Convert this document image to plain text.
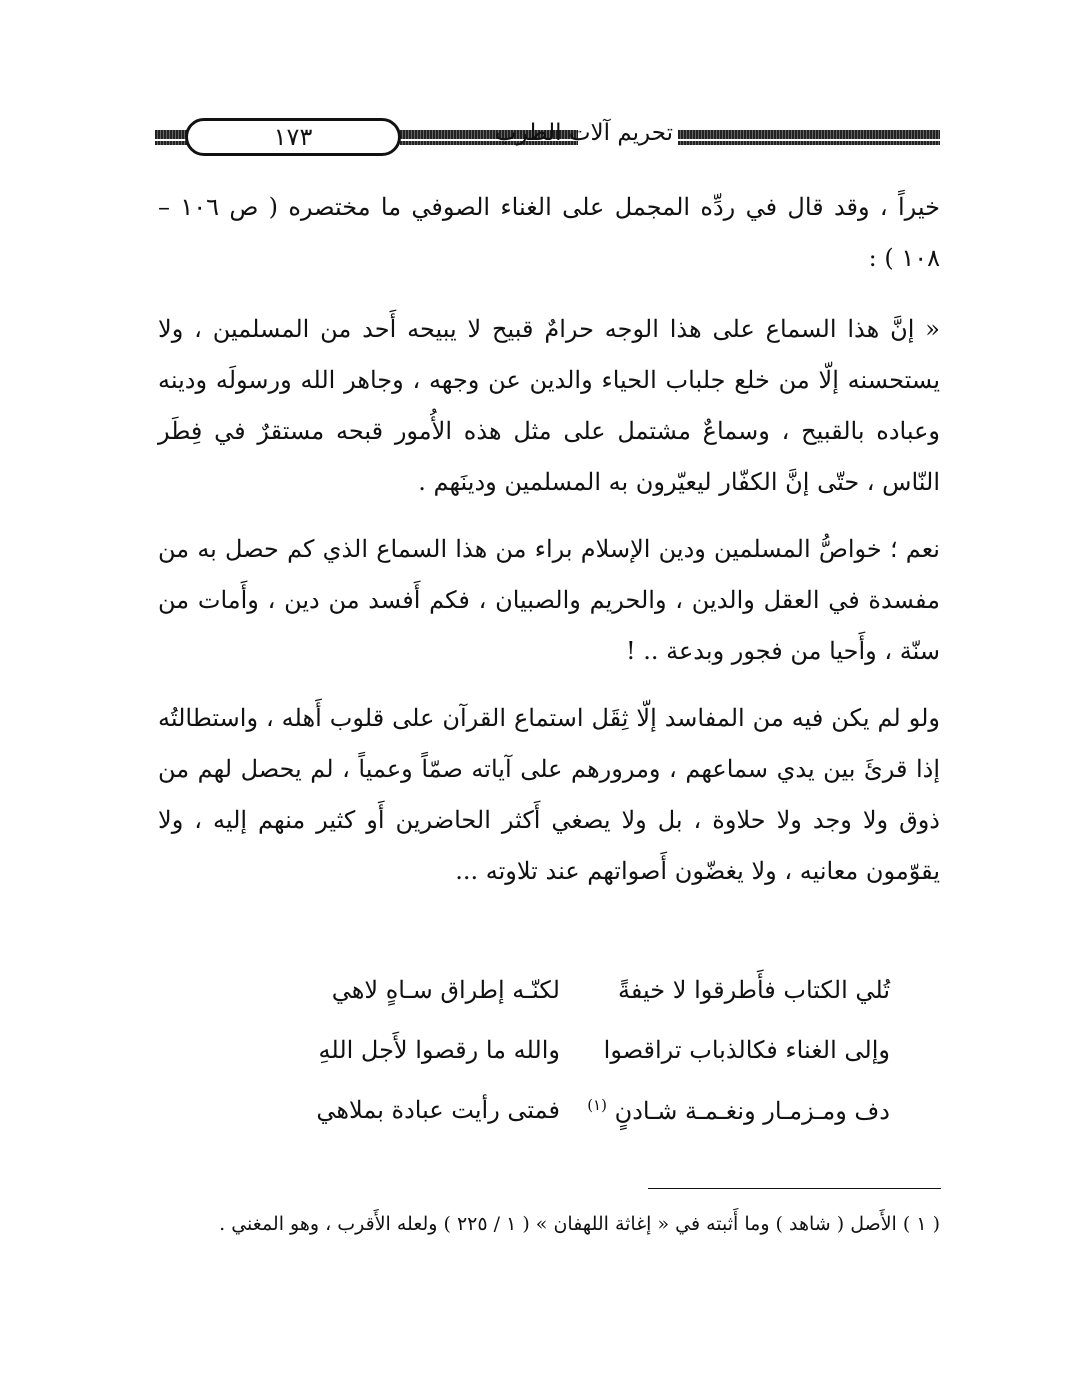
تحريم آلات الطرب
١٧٣

خيراً ، وقد قال في ردِّه المجمل على الغناء الصوفي ما مختصره ( ص ١٠٦ – ١٠٨ ) :

« إنَّ هذا السماع على هذا الوجه حرامٌ قبيح لا يبيحه أَحد من المسلمين ، ولا يستحسنه إلّا من خلع جلباب الحياء والدين عن وجهه ، وجاهر الله ورسولَه ودينه وعباده بالقبيح ، وسماعٌ مشتمل على مثل هذه الأُمور قبحه مستقرٌ في فِطَر النّاس ، حتّى إنَّ الكفّار ليعيّرون به المسلمين ودينَهم .

نعم ؛ خواصُّ المسلمين ودين الإسلام براء من هذا السماع الذي كم حصل به من مفسدة في العقل والدين ، والحريم والصبيان ، فكم أَفسد من دين ، وأَمات من سنّة ، وأَحيا من فجور وبدعة .. !

ولو لم يكن فيه من المفاسد إلّا ثِقَل استماع القرآن على قلوب أَهله ، واستطالتُه إذا قرئَ بين يدي سماعهم ، ومرورهم على آياته صمّاً وعمياً ، لم يحصل لهم من ذوق ولا وجد ولا حلاوة ، بل ولا يصغي أَكثر الحاضرين أَو كثير منهم إليه ، ولا يقوّمون معانيه ، ولا يغضّون أَصواتهم عند تلاوته ...

تُلي الكتاب فأَطرقوا لا خيفةً
لكنّـه إطراق سـاهٍ لاهي
وإلى الغناء فكالذباب تراقصوا
والله ما رقصوا لأَجل اللهِ
دف ومـزمـار ونغـمـة شـادنٍ $^{(١)}$
فمتى رأيت عبادة بملاهي

( ١ ) الأَصل ( شاهد ) وما أَثبته في « إغاثة اللهفان » ( ١ / ٢٢٥ ) ولعله الأَقرب ، وهو المغني .
